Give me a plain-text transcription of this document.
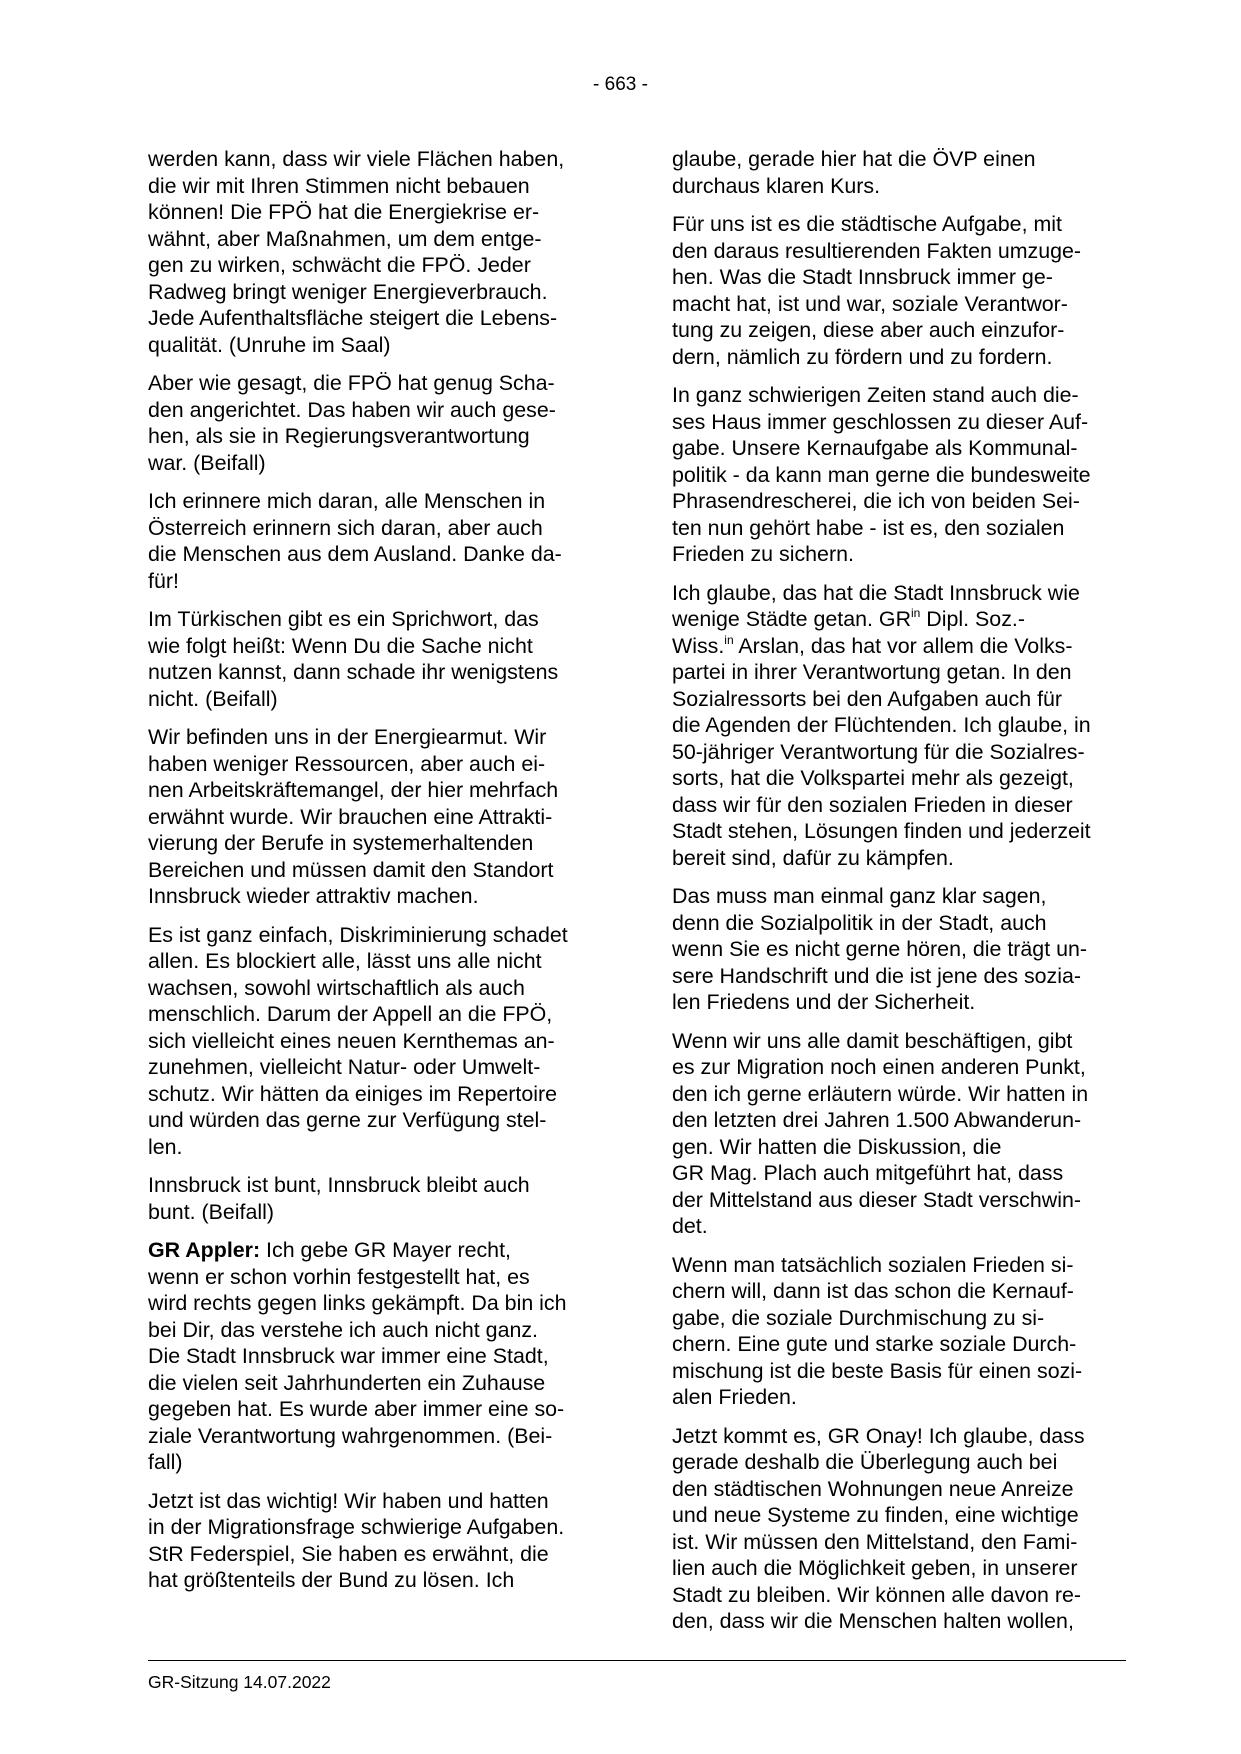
- 663 -

werden kann, dass wir viele Flächen haben,
die wir mit Ihren Stimmen nicht bebauen
können! Die FPÖ hat die Energiekrise er-
wähnt, aber Maßnahmen, um dem entge-
gen zu wirken, schwächt die FPÖ. Jeder
Radweg bringt weniger Energieverbrauch.
Jede Aufenthaltsfläche steigert die Lebens-
qualität. (Unruhe im Saal)

Aber wie gesagt, die FPÖ hat genug Scha-
den angerichtet. Das haben wir auch gese-
hen, als sie in Regierungsverantwortung
war. (Beifall)

Ich erinnere mich daran, alle Menschen in
Österreich erinnern sich daran, aber auch
die Menschen aus dem Ausland. Danke da-
für!

Im Türkischen gibt es ein Sprichwort, das
wie folgt heißt: Wenn Du die Sache nicht
nutzen kannst, dann schade ihr wenigstens
nicht. (Beifall)

Wir befinden uns in der Energiearmut. Wir
haben weniger Ressourcen, aber auch ei-
nen Arbeitskräftemangel, der hier mehrfach
erwähnt wurde. Wir brauchen eine Attrakti-
vierung der Berufe in systemerhaltenden
Bereichen und müssen damit den Standort
Innsbruck wieder attraktiv machen.

Es ist ganz einfach, Diskriminierung schadet
allen. Es blockiert alle, lässt uns alle nicht
wachsen, sowohl wirtschaftlich als auch
menschlich. Darum der Appell an die FPÖ,
sich vielleicht eines neuen Kernthemas an-
zunehmen, vielleicht Natur- oder Umwelt-
schutz. Wir hätten da einiges im Repertoire
und würden das gerne zur Verfügung stel-
len.

Innsbruck ist bunt, Innsbruck bleibt auch
bunt. (Beifall)

GR Appler: Ich gebe GR Mayer recht,
wenn er schon vorhin festgestellt hat, es
wird rechts gegen links gekämpft. Da bin ich
bei Dir, das verstehe ich auch nicht ganz.
Die Stadt Innsbruck war immer eine Stadt,
die vielen seit Jahrhunderten ein Zuhause
gegeben hat. Es wurde aber immer eine so-
ziale Verantwortung wahrgenommen. (Bei-
fall)

Jetzt ist das wichtig! Wir haben und hatten
in der Migrationsfrage schwierige Aufgaben.
StR Federspiel, Sie haben es erwähnt, die
hat größtenteils der Bund zu lösen. Ich

glaube, gerade hier hat die ÖVP einen
durchaus klaren Kurs.

Für uns ist es die städtische Aufgabe, mit
den daraus resultierenden Fakten umzuge-
hen. Was die Stadt Innsbruck immer ge-
macht hat, ist und war, soziale Verantwor-
tung zu zeigen, diese aber auch einzufor-
dern, nämlich zu fördern und zu fordern.

In ganz schwierigen Zeiten stand auch die-
ses Haus immer geschlossen zu dieser Auf-
gabe. Unsere Kernaufgabe als Kommunal-
politik - da kann man gerne die bundesweite
Phrasendrescherei, die ich von beiden Sei-
ten nun gehört habe - ist es, den sozialen
Frieden zu sichern.

Ich glaube, das hat die Stadt Innsbruck wie
wenige Städte getan. $GR^{in}$ Dipl. Soz.-
Wiss.$^{in}$ Arslan, das hat vor allem die Volks-
partei in ihrer Verantwortung getan. In den
Sozialressorts bei den Aufgaben auch für
die Agenden der Flüchtenden. Ich glaube, in
50-jähriger Verantwortung für die Sozialres-
sorts, hat die Volkspartei mehr als gezeigt,
dass wir für den sozialen Frieden in dieser
Stadt stehen, Lösungen finden und jederzeit
bereit sind, dafür zu kämpfen.

Das muss man einmal ganz klar sagen,
denn die Sozialpolitik in der Stadt, auch
wenn Sie es nicht gerne hören, die trägt un-
sere Handschrift und die ist jene des sozia-
len Friedens und der Sicherheit.

Wenn wir uns alle damit beschäftigen, gibt
es zur Migration noch einen anderen Punkt,
den ich gerne erläutern würde. Wir hatten in
den letzten drei Jahren 1.500 Abwanderun-
gen. Wir hatten die Diskussion, die
GR Mag. Plach auch mitgeführt hat, dass
der Mittelstand aus dieser Stadt verschwin-
det.

Wenn man tatsächlich sozialen Frieden si-
chern will, dann ist das schon die Kernauf-
gabe, die soziale Durchmischung zu si-
chern. Eine gute und starke soziale Durch-
mischung ist die beste Basis für einen sozi-
alen Frieden.

Jetzt kommt es, GR Onay! Ich glaube, dass
gerade deshalb die Überlegung auch bei
den städtischen Wohnungen neue Anreize
und neue Systeme zu finden, eine wichtige
ist. Wir müssen den Mittelstand, den Fami-
lien auch die Möglichkeit geben, in unserer
Stadt zu bleiben. Wir können alle davon re-
den, dass wir die Menschen halten wollen,

GR-Sitzung 14.07.2022
